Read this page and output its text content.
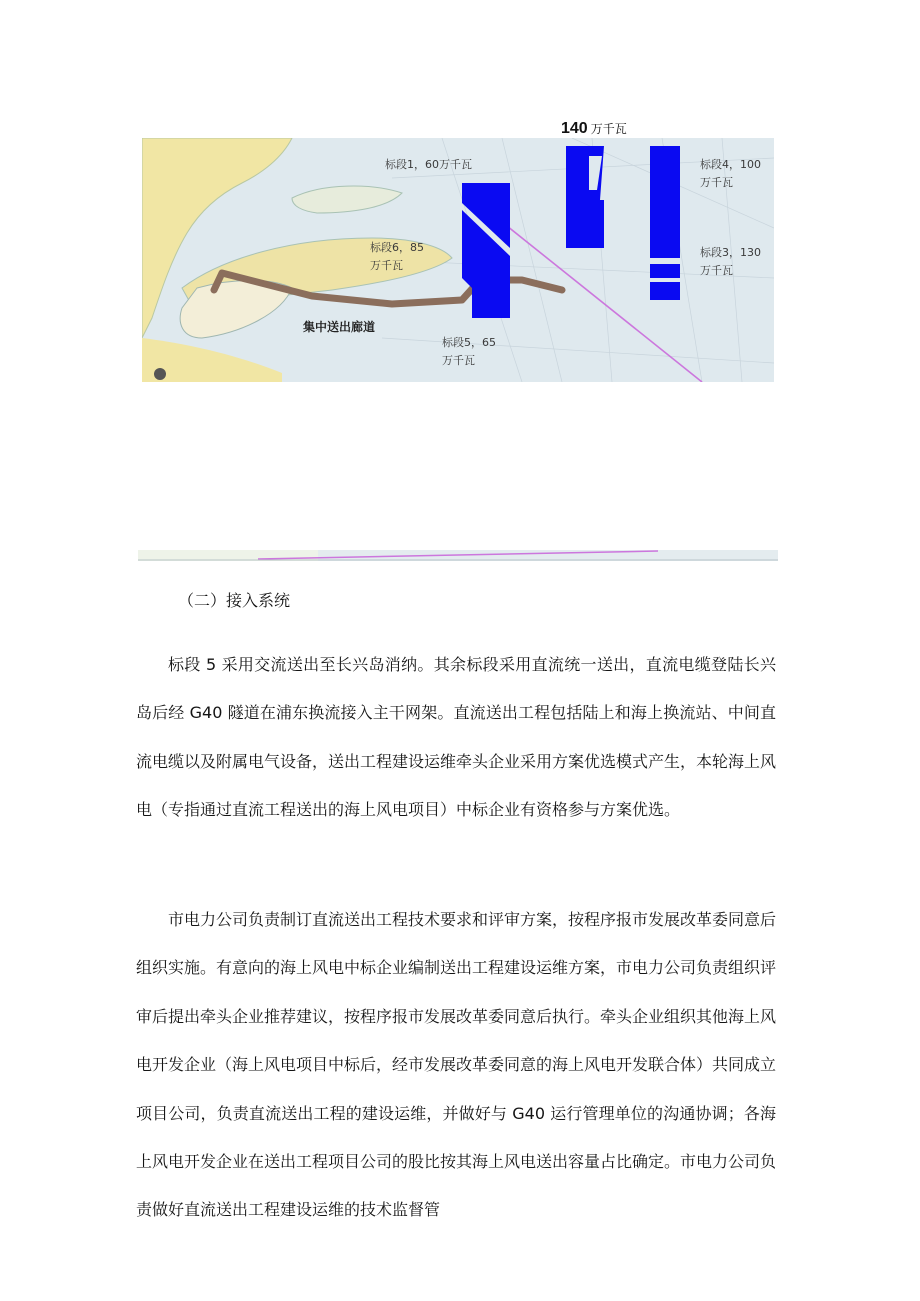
140 万千瓦
标段1，60万千瓦	标段4，100
万千瓦
标段6，85
万千瓦
标段3，130
万千瓦
集中送出廊道
标段5，65
万千瓦
（二）接入系统

标段 5 采用交流送出至长兴岛消纳。其余标段采用直流统一送出，直流电缆登陆长兴岛后经 G40 隧道在浦东换流接入主干网架。直流送出工程包括陆上和海上换流站、中间直流电缆以及附属电气设备，送出工程建设运维牵头企业采用方案优选模式产生，本轮海上风电（专指通过直流工程送出的海上风电项目）中标企业有资格参与方案优选。

市电力公司负责制订直流送出工程技术要求和评审方案，按程序报市发展改革委同意后组织实施。有意向的海上风电中标企业编制送出工程建设运维方案，市电力公司负责组织评审后提出牵头企业推荐建议，按程序报市发展改革委同意后执行。牵头企业组织其他海上风电开发企业（海上风电项目中标后，经市发展改革委同意的海上风电开发联合体）共同成立项目公司，负责直流送出工程的建设运维，并做好与 G40 运行管理单位的沟通协调；各海上风电开发企业在送出工程项目公司的股比按其海上风电送出容量占比确定。市电力公司负责做好直流送出工程建设运维的技术监督管
